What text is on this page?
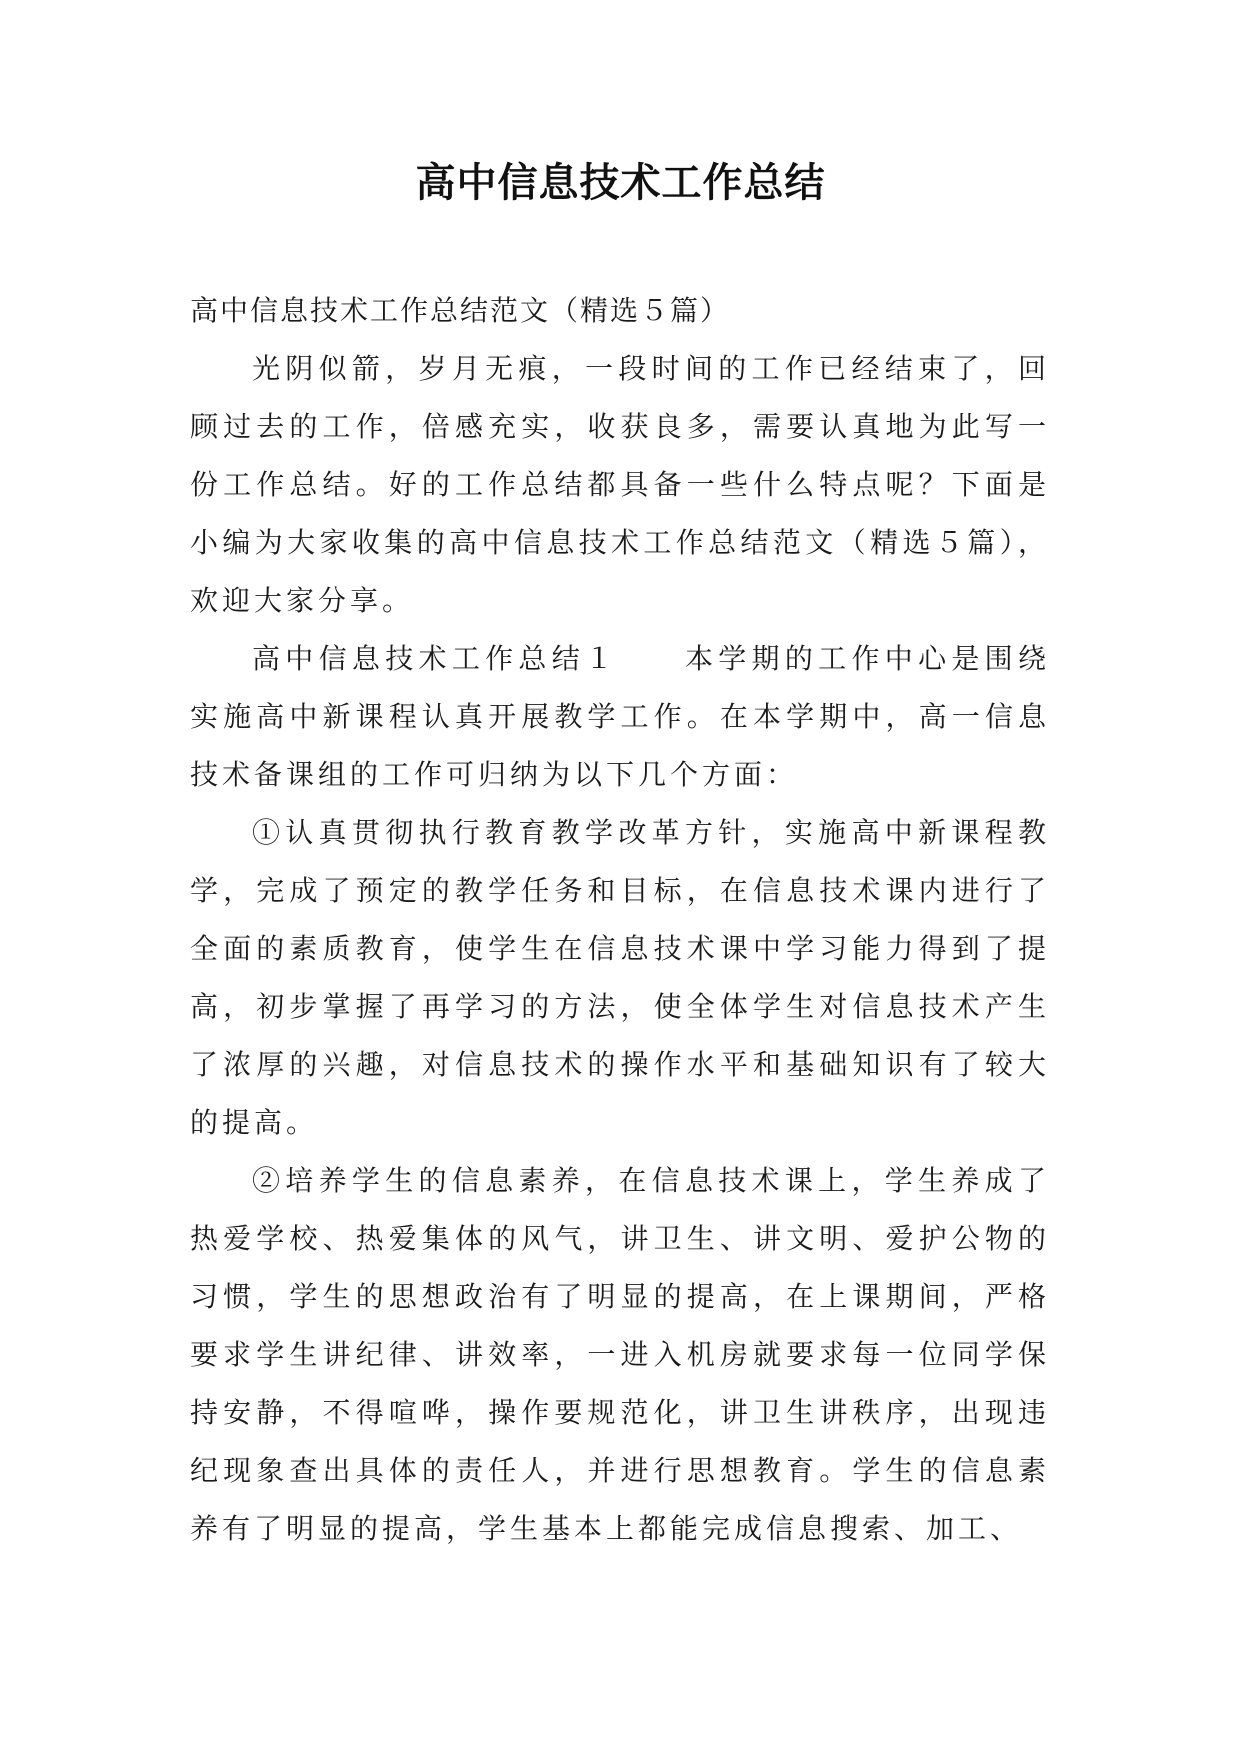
高中信息技术工作总结

高中信息技术工作总结范文（精选５篇）

光阴似箭，岁月无痕，一段时间的工作已经结束了，回顾过去的工作，倍感充实，收获良多，需要认真地为此写一份工作总结。好的工作总结都具备一些什么特点呢？下面是小编为大家收集的高中信息技术工作总结范文（精选５篇），欢迎大家分享。

高中信息技术工作总结１　　本学期的工作中心是围绕实施高中新课程认真开展教学工作。在本学期中，高一信息技术备课组的工作可归纳为以下几个方面：

①认真贯彻执行教育教学改革方针，实施高中新课程教学，完成了预定的教学任务和目标，在信息技术课内进行了全面的素质教育，使学生在信息技术课中学习能力得到了提高，初步掌握了再学习的方法，使全体学生对信息技术产生了浓厚的兴趣，对信息技术的操作水平和基础知识有了较大的提高。

②培养学生的信息素养，在信息技术课上，学生养成了热爱学校、热爱集体的风气，讲卫生、讲文明、爱护公物的习惯，学生的思想政治有了明显的提高，在上课期间，严格要求学生讲纪律、讲效率，一进入机房就要求每一位同学保持安静，不得喧哗，操作要规范化，讲卫生讲秩序，出现违纪现象查出具体的责任人，并进行思想教育。学生的信息素养有了明显的提高，学生基本上都能完成信息搜索、加工、
